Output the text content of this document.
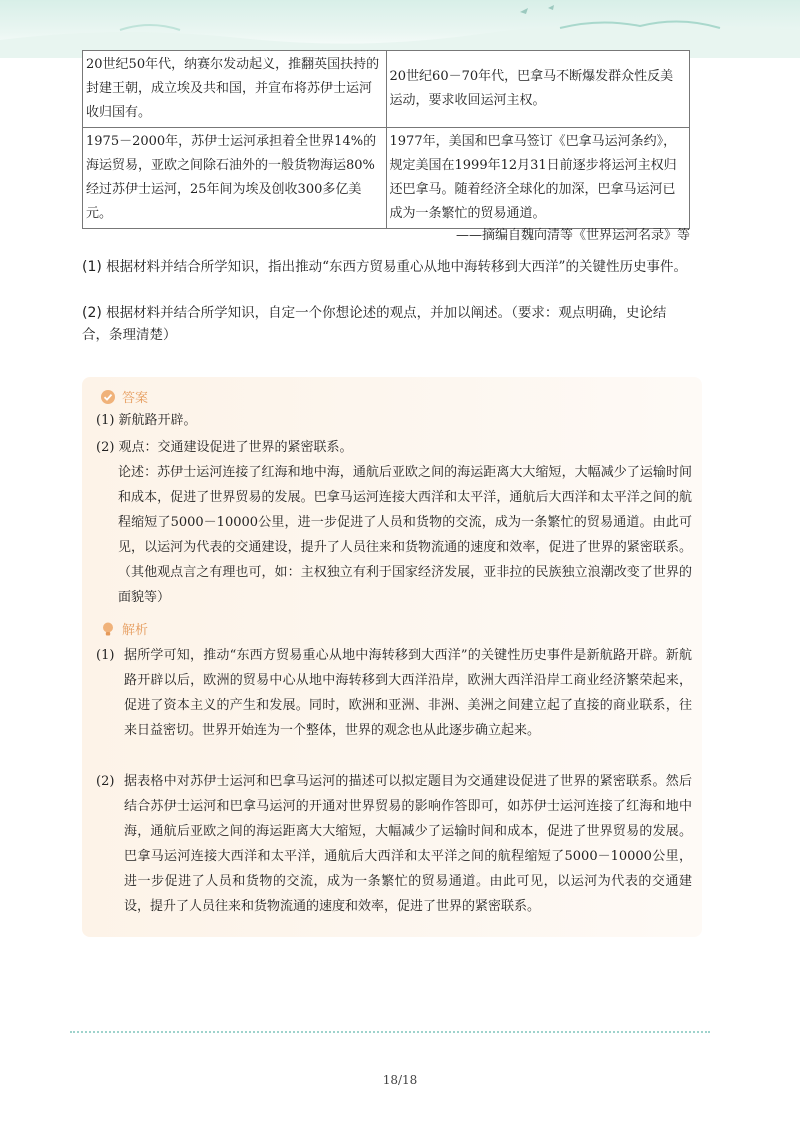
20世纪50年代，纳赛尔发动起义，推翻英国扶持的封建王朝，成立埃及共和国，并宣布将苏伊士运河收归国有。	20世纪60－70年代，巴拿马不断爆发群众性反美运动，要求收回运河主权。
1975－2000年，苏伊士运河承担着全世界14%的海运贸易，亚欧之间除石油外的一般货物海运80%经过苏伊士运河，25年间为埃及创收300多亿美元。	1977年，美国和巴拿马签订《巴拿马运河条约》，规定美国在1999年12月31日前逐步将运河主权归还巴拿马。随着经济全球化的加深，巴拿马运河已成为一条繁忙的贸易通道。
——摘编自魏向清等《世界运河名录》等
(1) 根据材料并结合所学知识，指出推动“东西方贸易重心从地中海转移到大西洋”的关键性历史事件。
(2) 根据材料并结合所学知识，自定一个你想论述的观点，并加以阐述。（要求：观点明确，史论结合，条理清楚）
答案
(1) 新航路开辟。
(2) 观点：交通建设促进了世界的紧密联系。
论述：苏伊士运河连接了红海和地中海，通航后亚欧之间的海运距离大大缩短，大幅减少了运输时间和成本，促进了世界贸易的发展。巴拿马运河连接大西洋和太平洋，通航后大西洋和太平洋之间的航程缩短了5000－10000公里，进一步促进了人员和货物的交流，成为一条繁忙的贸易通道。由此可见，以运河为代表的交通建设，提升了人员往来和货物流通的速度和效率，促进了世界的紧密联系。（其他观点言之有理也可，如：主权独立有利于国家经济发展，亚非拉的民族独立浪潮改变了世界的面貌等）
解析
(1) 据所学可知，推动“东西方贸易重心从地中海转移到大西洋”的关键性历史事件是新航路开辟。新航路开辟以后，欧洲的贸易中心从地中海转移到大西洋沿岸，欧洲大西洋沿岸工商业经济繁荣起来，促进了资本主义的产生和发展。同时，欧洲和亚洲、非洲、美洲之间建立起了直接的商业联系，往来日益密切。世界开始连为一个整体，世界的观念也从此逐步确立起来。
(2) 据表格中对苏伊士运河和巴拿马运河的描述可以拟定题目为交通建设促进了世界的紧密联系。然后结合苏伊士运河和巴拿马运河的开通对世界贸易的影响作答即可，如苏伊士运河连接了红海和地中海，通航后亚欧之间的海运距离大大缩短，大幅减少了运输时间和成本，促进了世界贸易的发展。巴拿马运河连接大西洋和太平洋，通航后大西洋和太平洋之间的航程缩短了5000－10000公里，进一步促进了人员和货物的交流，成为一条繁忙的贸易通道。由此可见，以运河为代表的交通建设，提升了人员往来和货物流通的速度和效率，促进了世界的紧密联系。
18/18
